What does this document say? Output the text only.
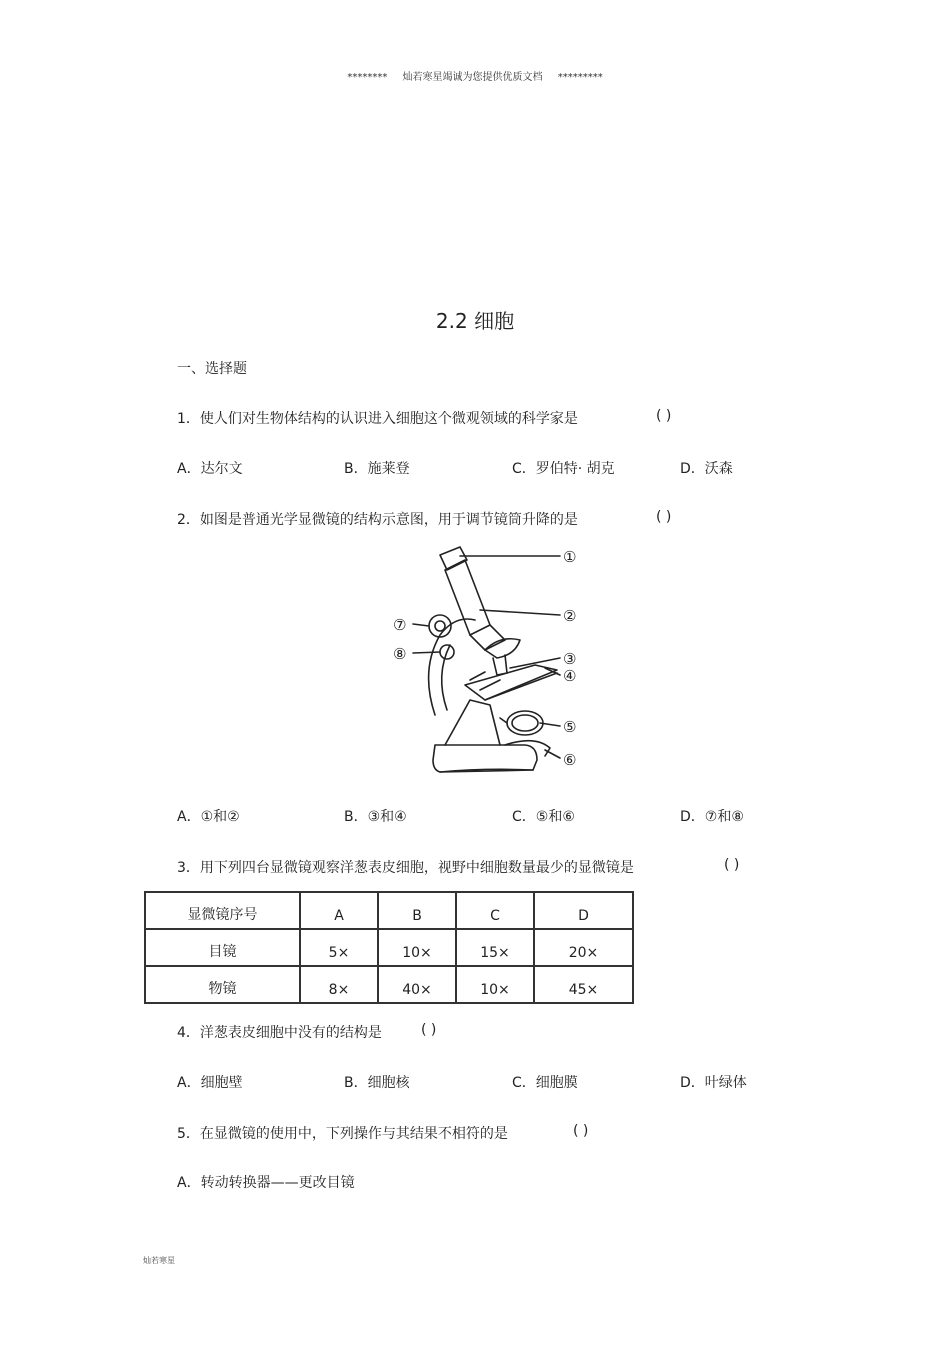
******** 灿若寒星竭诚为您提供优质文档 *********
2.2 细胞
一、选择题
1．使人们对生物体结构的认识进入细胞这个微观领域的科学家是	( )
A．达尔文	B．施莱登	C．罗伯特· 胡克	D．沃森
2．如图是普通光学显微镜的结构示意图，用于调节镜筒升降的是	( )
①
②
③
④
⑤
⑥
⑦
⑧
A．①和②	B．③和④	C．⑤和⑥	D．⑦和⑧
3．用下列四台显微镜观察洋葱表皮细胞，视野中细胞数量最少的显微镜是	( )
显微镜序号	A	B	C	D
目镜	5×	10×	15×	20×
物镜	8×	40×	10×	45×
4．洋葱表皮细胞中没有的结构是	( )
A．细胞壁	B．细胞核	C．细胞膜	D．叶绿体
5．在显微镜的使用中，下列操作与其结果不相符的是	( )
A．转动转换器——更改目镜
灿若寒星
